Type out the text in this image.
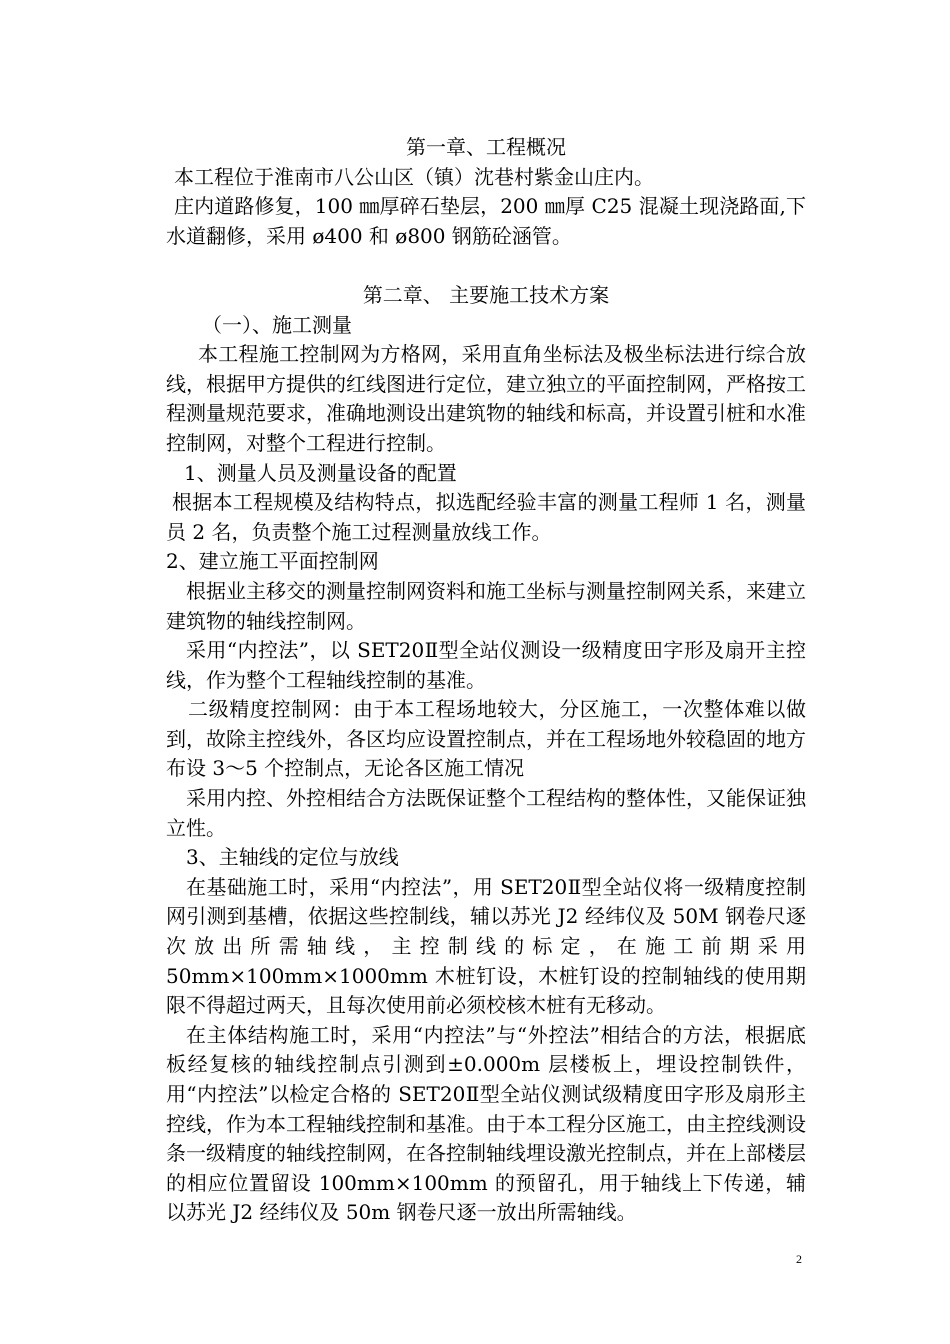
第一章、工程概况

本工程位于淮南市八公山区（镇）沈巷村紫金山庄内。

庄内道路修复，100 ㎜厚碎石垫层，200 ㎜厚 C25 混凝土现浇路面,下水道翻修，采用 ø400 和 ø800 钢筋砼涵管。

第二章、 主要施工技术方案

（一）、施工测量

本工程施工控制网为方格网，采用直角坐标法及极坐标法进行综合放线，根据甲方提供的红线图进行定位，建立独立的平面控制网，严格按工程测量规范要求，准确地测设出建筑物的轴线和标高，并设置引桩和水准控制网，对整个工程进行控制。

1、测量人员及测量设备的配置

根据本工程规模及结构特点，拟选配经验丰富的测量工程师 1 名，测量员 2 名，负责整个施工过程测量放线工作。

2、建立施工平面控制网

根据业主移交的测量控制网资料和施工坐标与测量控制网关系，来建立建筑物的轴线控制网。

采用“内控法”，以 SET20Ⅱ型全站仪测设一级精度田字形及扇开主控线，作为整个工程轴线控制的基准。

二级精度控制网：由于本工程场地较大，分区施工，一次整体难以做到，故除主控线外，各区均应设置控制点，并在工程场地外较稳固的地方布设 3～5 个控制点，无论各区施工情况

采用内控、外控相结合方法既保证整个工程结构的整体性，又能保证独立性。

3、主轴线的定位与放线

在基础施工时，采用“内控法”，用 SET20Ⅱ型全站仪将一级精度控制网引测到基槽，依据这些控制线，辅以苏光 J2 经纬仪及 50M 钢卷尺逐次放出所需轴线，主控制线的标定，在施工前期采用 50mm×100mm×1000mm 木桩钉设，木桩钉设的控制轴线的使用期限不得超过两天，且每次使用前必须校核木桩有无移动。

在主体结构施工时，采用“内控法”与“外控法”相结合的方法，根据底板经复核的轴线控制点引测到±0.000m 层楼板上，埋设控制铁件，用“内控法”以检定合格的 SET20Ⅱ型全站仪测试级精度田字形及扇形主控线，作为本工程轴线控制和基准。由于本工程分区施工，由主控线测设条一级精度的轴线控制网，在各控制轴线埋设激光控制点，并在上部楼层的相应位置留设 100mm×100mm 的预留孔，用于轴线上下传递，辅以苏光 J2 经纬仪及 50m 钢卷尺逐一放出所需轴线。

2
